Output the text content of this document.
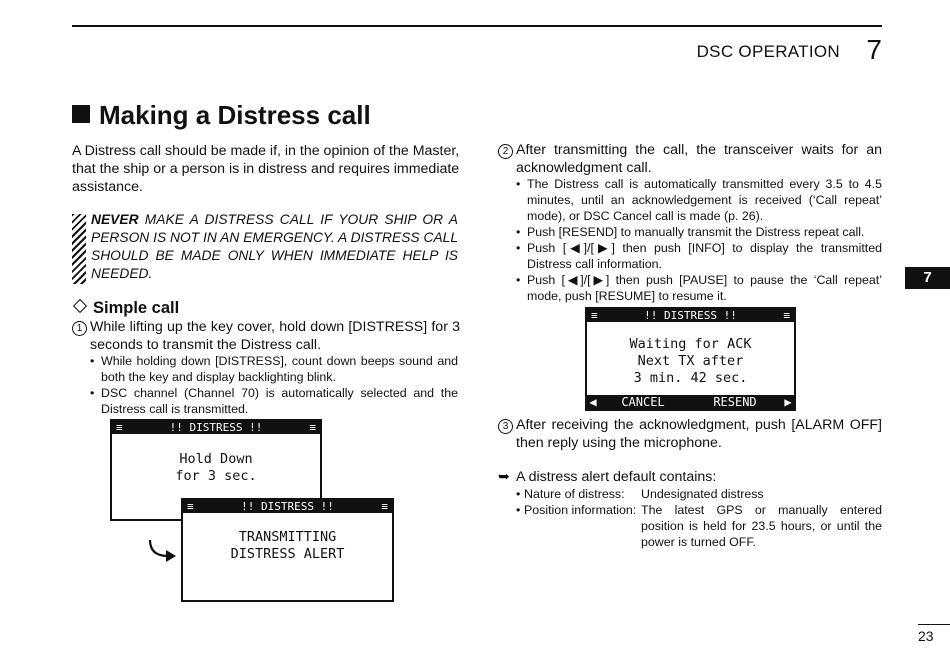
DSC OPERATION 7
7
23
Making a Distress call
A Distress call should be made if, in the opinion of the Master, that the ship or a person is in distress and requires immediate assistance.
NEVER MAKE A DISTRESS CALL IF YOUR SHIP OR A PERSON IS NOT IN AN EMERGENCY. A DISTRESS CALL SHOULD BE MADE ONLY WHEN IMMEDIATE HELP IS NEEDED.
Simple call
1 While lifting up the key cover, hold down [DISTRESS] for 3 seconds to transmit the Distress call.
• While holding down [DISTRESS], count down beeps sound and both the key and display backlighting blink.
• DSC channel (Channel 70) is automatically selected and the Distress call is transmitted.
≡	!! DISTRESS !!	≡
Hold Down
for 3 sec.
≡	!! DISTRESS !!	≡
TRANSMITTING
DISTRESS ALERT
2 After transmitting the call, the transceiver waits for an acknowledgment call.
• The Distress call is automatically transmitted every 3.5 to 4.5 minutes, until an acknowledgement is received (‘Call repeat’ mode), or DSC Cancel call is made (p. 26).
• Push [RESEND] to manually transmit the Distress repeat call.
• Push [◀]/[▶] then push [INFO] to display the transmitted Distress call information.
• Push [◀]/[▶] then push [PAUSE] to pause the ‘Call repeat’ mode, push [RESUME] to resume it.
≡	!! DISTRESS !!	≡
Waiting for ACK
Next TX after
3 min. 42 sec.
◀	CANCEL	RESEND	▶
3 After receiving the acknowledgment, push [ALARM OFF] then reply using the microphone.
➥ A distress alert default contains:
• Nature of distress: Undesignated distress
• Position information: The latest GPS or manually entered position is held for 23.5 hours, or until the power is turned OFF.
